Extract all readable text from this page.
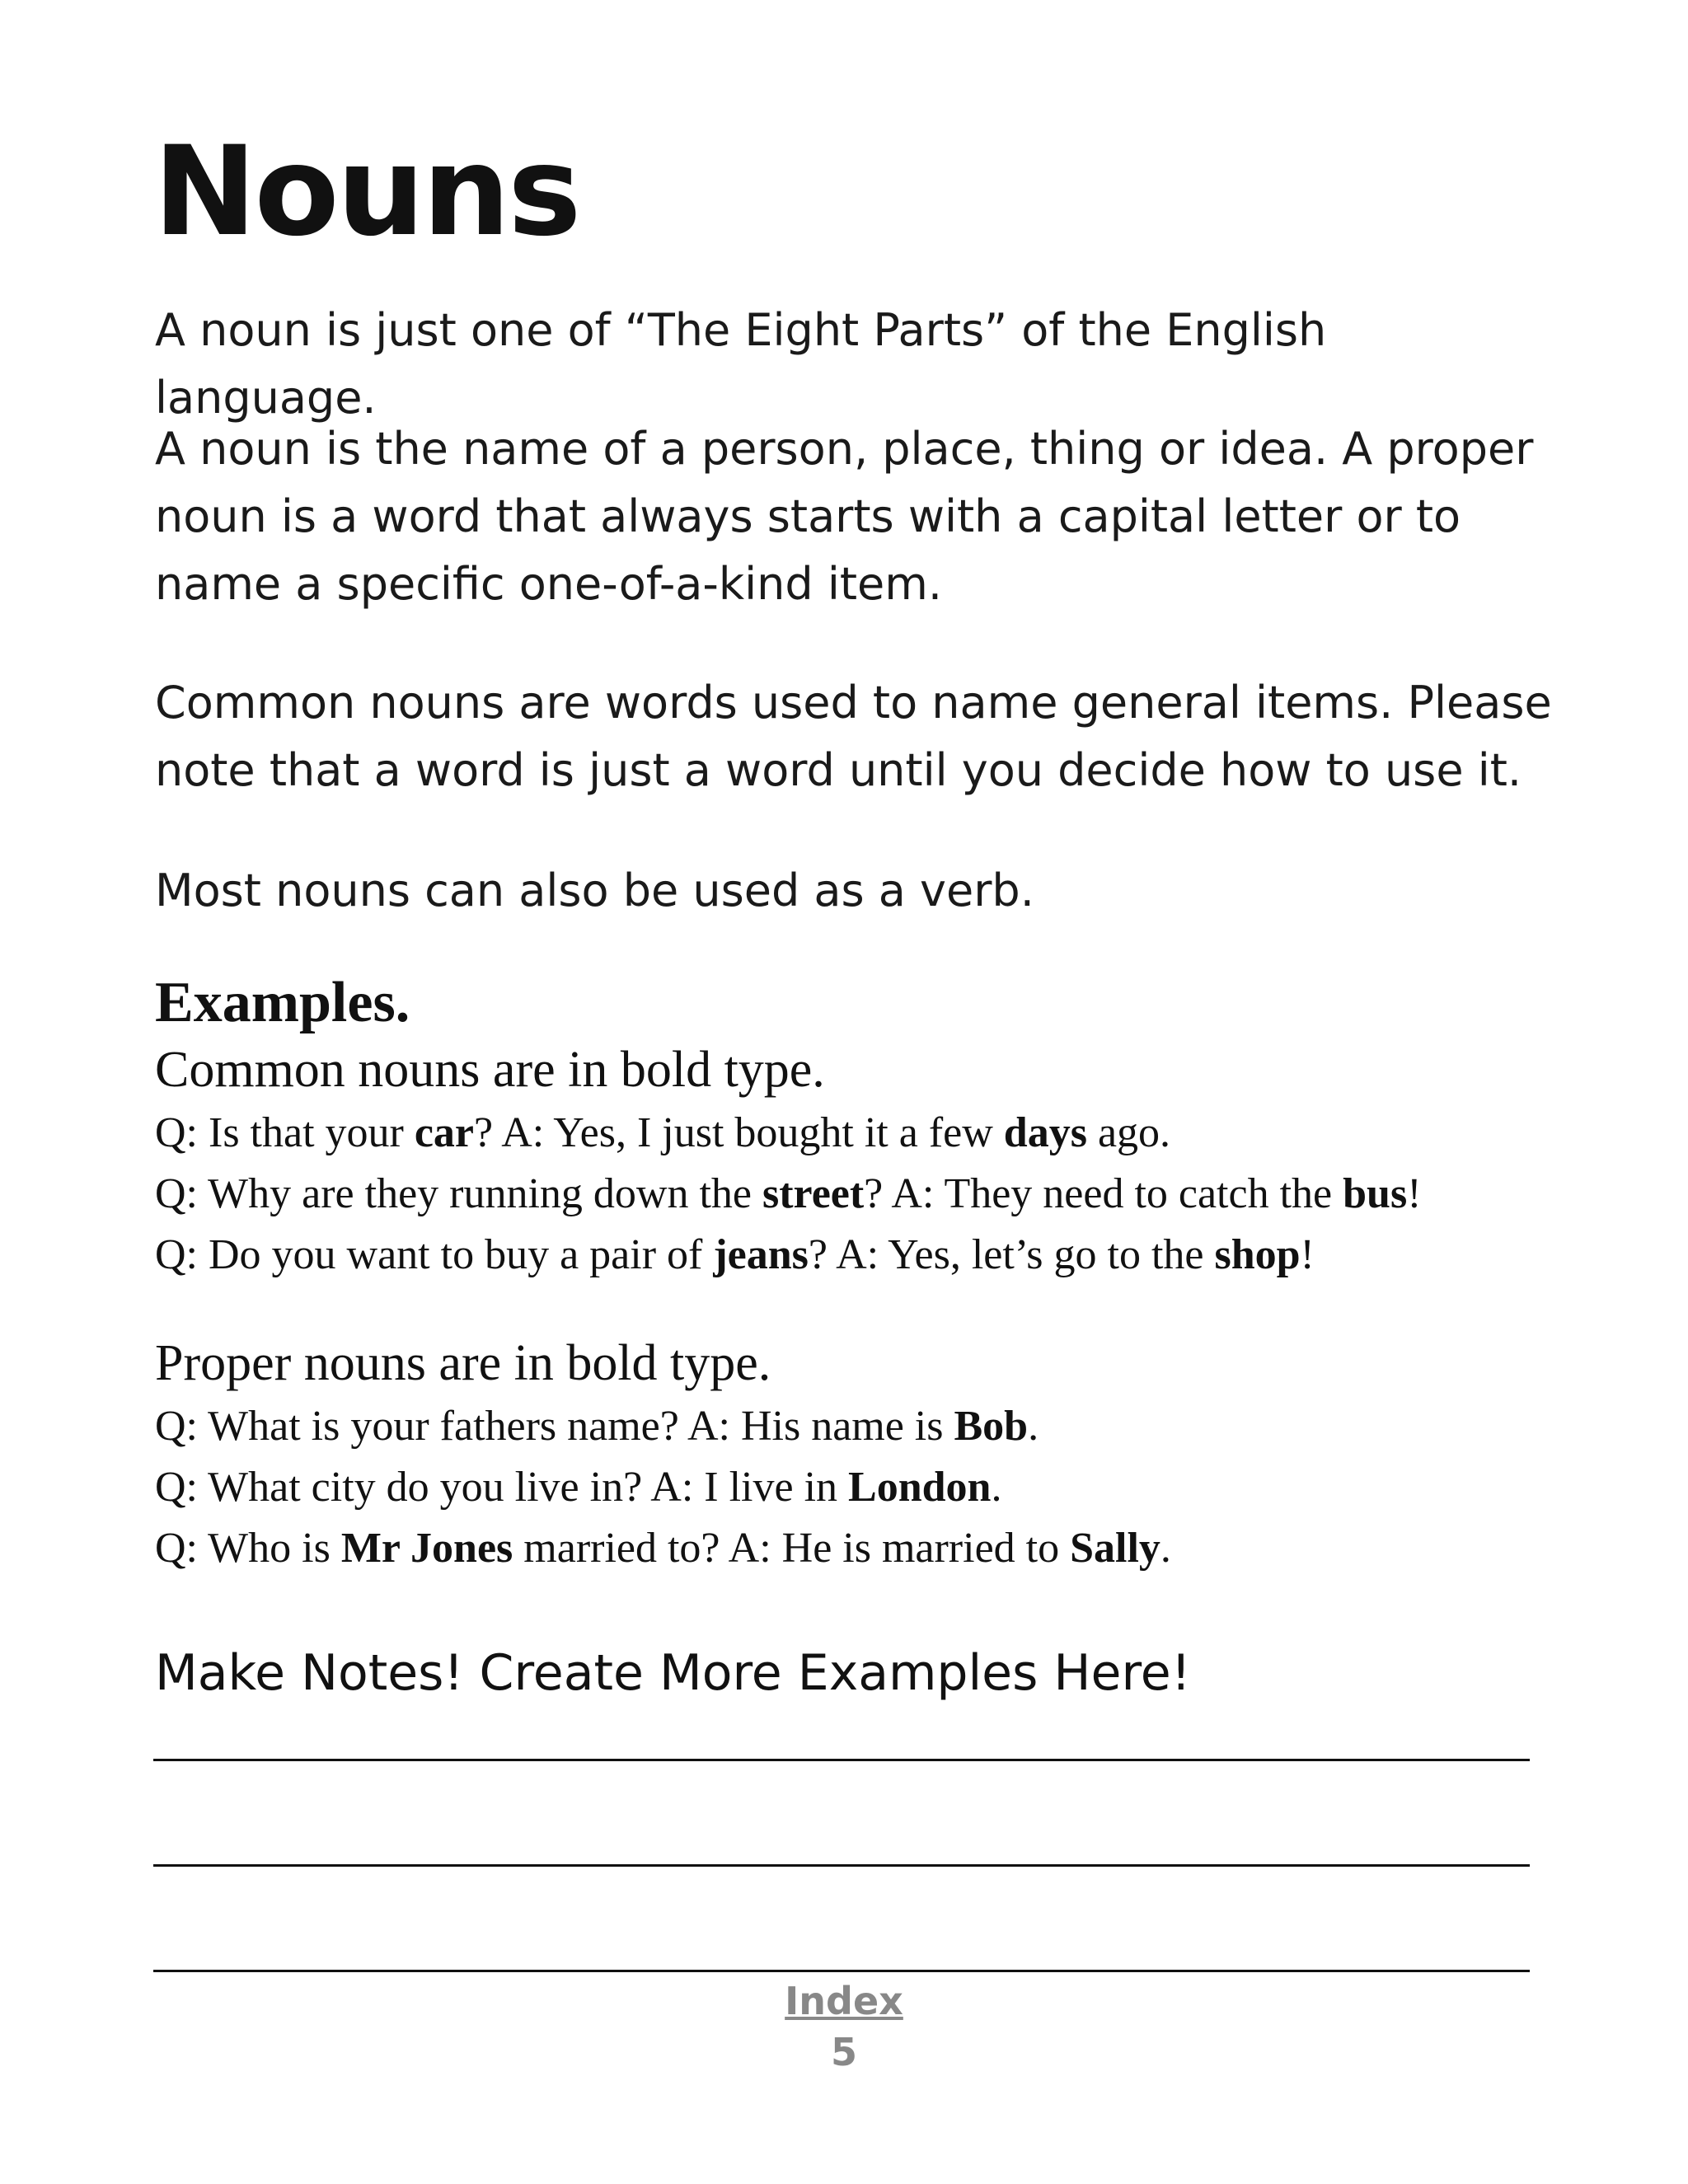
Nouns

A noun is just one of “The Eight Parts” of the English language.

A noun is the name of a person, place, thing or idea. A proper noun is a word that always starts with a capital letter or to name a specific one-of-a-kind item.

Common nouns are words used to name general items. Please note that a word is just a word until you decide how to use it.

Most nouns can also be used as a verb.

Examples.

Common nouns are in bold type.

Q: Is that your car? A: Yes, I just bought it a few days ago.

Q: Why are they running down the street? A: They need to catch the bus!

Q: Do you want to buy a pair of jeans? A: Yes, let’s go to the shop!

Proper nouns are in bold type.

Q: What is your fathers name? A: His name is Bob.

Q: What city do you live in? A: I live in London.

Q: Who is Mr Jones married to? A: He is married to Sally.

Make Notes! Create More Examples Here!

Index
5
